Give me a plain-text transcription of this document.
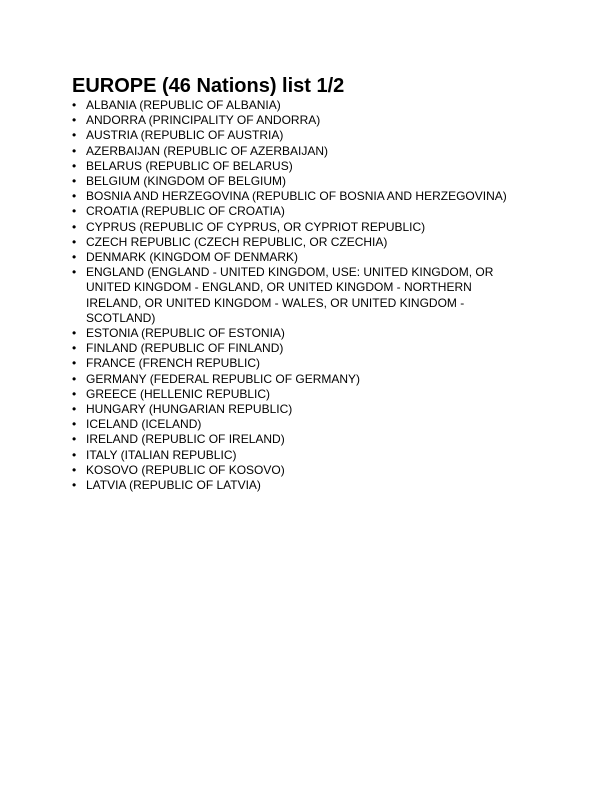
EUROPE (46 Nations) list 1/2
• ALBANIA (REPUBLIC OF ALBANIA)
• ANDORRA (PRINCIPALITY OF ANDORRA)
• AUSTRIA (REPUBLIC OF AUSTRIA)
• AZERBAIJAN (REPUBLIC OF AZERBAIJAN)
• BELARUS (REPUBLIC OF BELARUS)
• BELGIUM (KINGDOM OF BELGIUM)
• BOSNIA AND HERZEGOVINA (REPUBLIC OF BOSNIA AND HERZEGOVINA)
• CROATIA (REPUBLIC OF CROATIA)
• CYPRUS (REPUBLIC OF CYPRUS, OR CYPRIOT REPUBLIC)
• CZECH REPUBLIC (CZECH REPUBLIC, OR CZECHIA)
• DENMARK (KINGDOM OF DENMARK)
• ENGLAND (ENGLAND - UNITED KINGDOM, USE: UNITED KINGDOM, OR UNITED KINGDOM - ENGLAND, OR UNITED KINGDOM - NORTHERN IRELAND, OR UNITED KINGDOM - WALES, OR UNITED KINGDOM - SCOTLAND)
• ESTONIA (REPUBLIC OF ESTONIA)
• FINLAND (REPUBLIC OF FINLAND)
• FRANCE (FRENCH REPUBLIC)
• GERMANY (FEDERAL REPUBLIC OF GERMANY)
• GREECE (HELLENIC REPUBLIC)
• HUNGARY (HUNGARIAN REPUBLIC)
• ICELAND (ICELAND)
• IRELAND (REPUBLIC OF IRELAND)
• ITALY (ITALIAN REPUBLIC)
• KOSOVO (REPUBLIC OF KOSOVO)
• LATVIA (REPUBLIC OF LATVIA)
